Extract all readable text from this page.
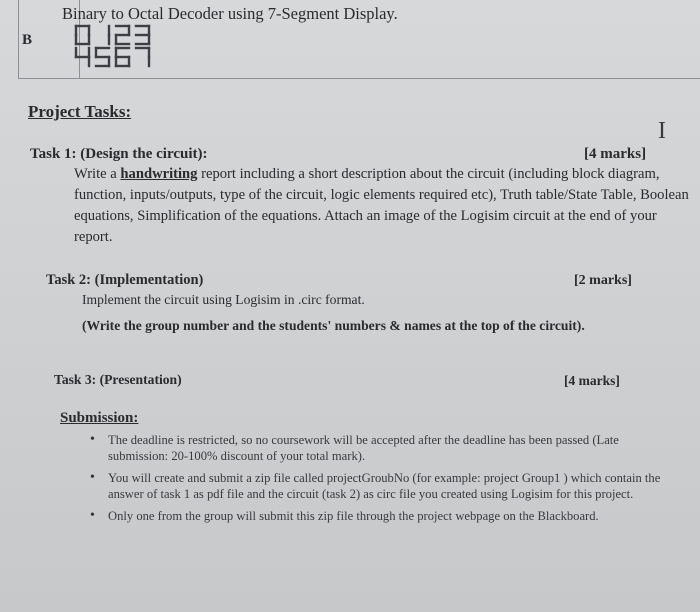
B
Binary to Octal Decoder using 7-Segment Display.
I
Project Tasks:
Task 1: (Design the circuit):	[4 marks]
Write a handwriting report including a short description about the circuit (including block diagram, function, inputs/outputs, type of the circuit, logic elements required etc), Truth table/State Table, Boolean equations, Simplification of the equations. Attach an image of the Logisim circuit at the end of your report.
Task 2: (Implementation)	[2 marks]
Implement the circuit using Logisim in .circ format.
(Write the group number and the students' numbers & names at the top of the circuit).
Task 3: (Presentation)	[4 marks]
Submission:
• The deadline is restricted, so no coursework will be accepted after the deadline has been passed (Late submission: 20-100% discount of your total mark).
• You will create and submit a zip file called projectGroubNo (for example: project Group1 ) which contain the answer of task 1 as pdf file and the circuit (task 2) as circ file you created using Logisim for this project.
• Only one from the group will submit this zip file through the project webpage on the Blackboard.
